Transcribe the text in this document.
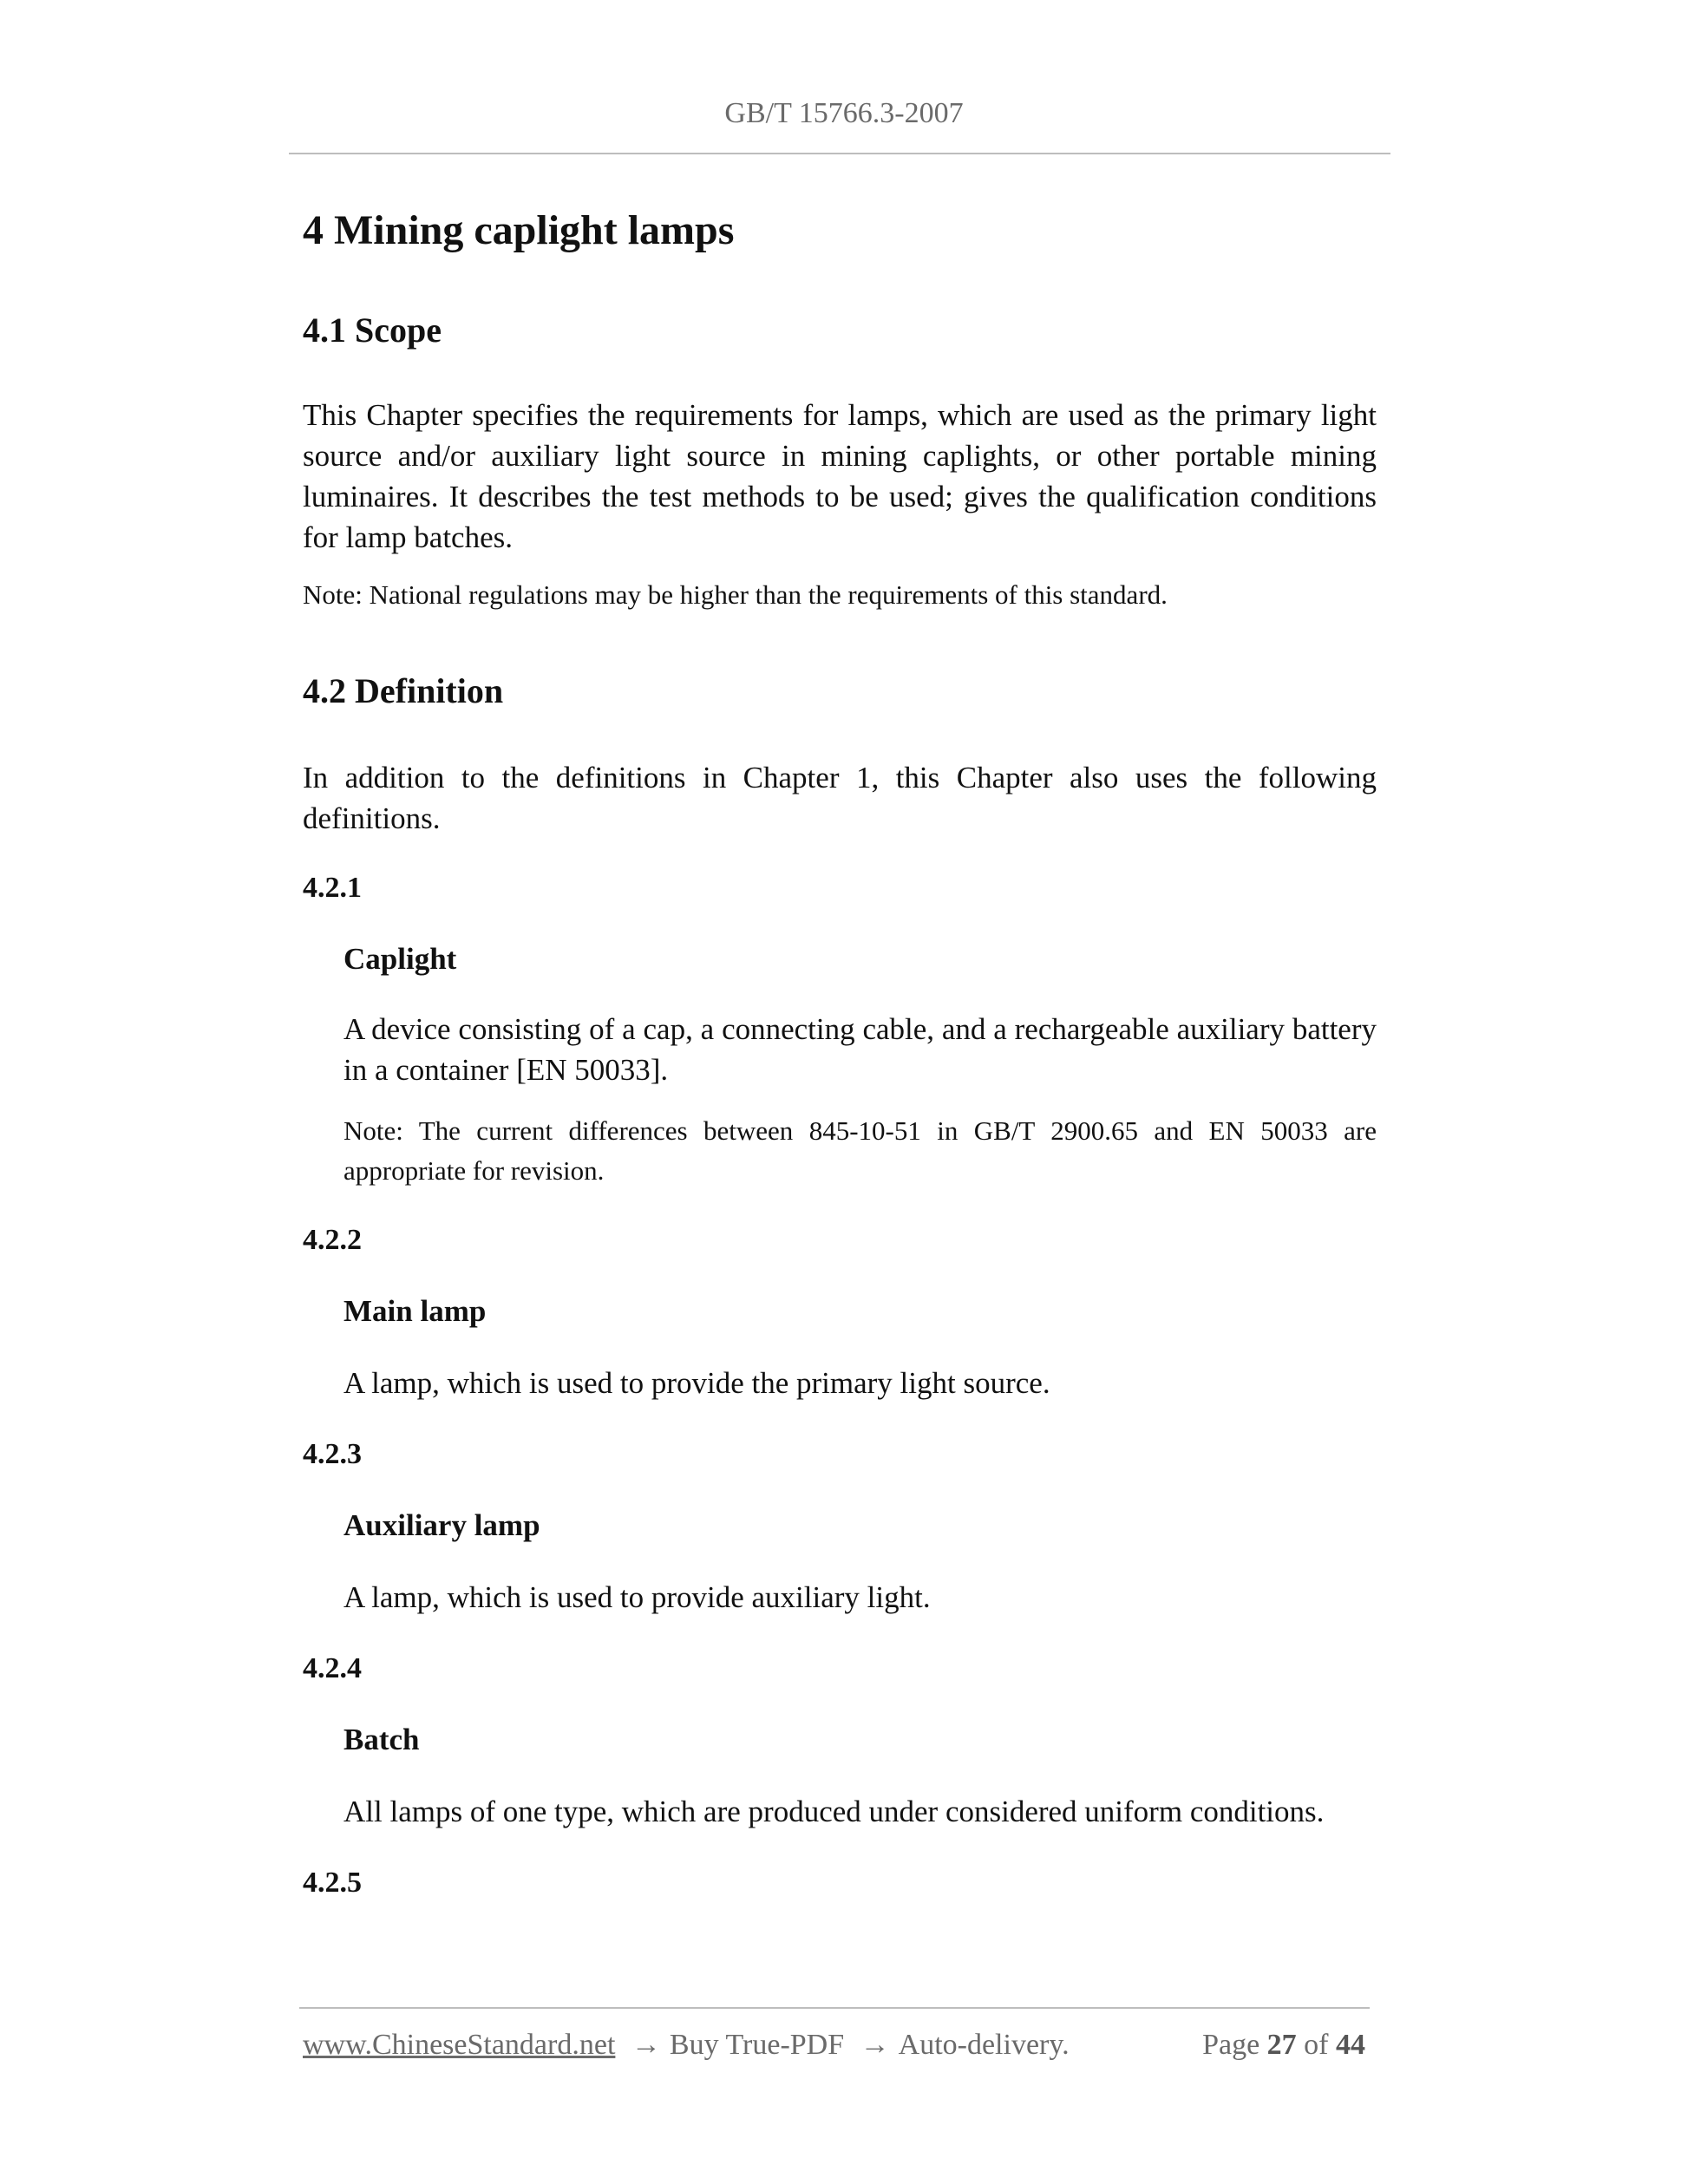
GB/T 15766.3-2007
4 Mining caplight lamps
4.1 Scope

This Chapter specifies the requirements for lamps, which are used as the primary light source and/or auxiliary light source in mining caplights, or other portable mining luminaires. It describes the test methods to be used; gives the qualification conditions for lamp batches.

Note: National regulations may be higher than the requirements of this standard.

4.2 Definition

In addition to the definitions in Chapter 1, this Chapter also uses the following definitions.

4.2.1
Caplight

A device consisting of a cap, a connecting cable, and a rechargeable auxiliary battery in a container [EN 50033].

Note: The current differences between 845-10-51 in GB/T 2900.65 and EN 50033 are appropriate for revision.

4.2.2
Main lamp

A lamp, which is used to provide the primary light source.

4.2.3
Auxiliary lamp

A lamp, which is used to provide auxiliary light.

4.2.4
Batch

All lamps of one type, which are produced under considered uniform conditions.

4.2.5
www.ChineseStandard.net → Buy True-PDF → Auto-delivery.	Page 27 of 44
